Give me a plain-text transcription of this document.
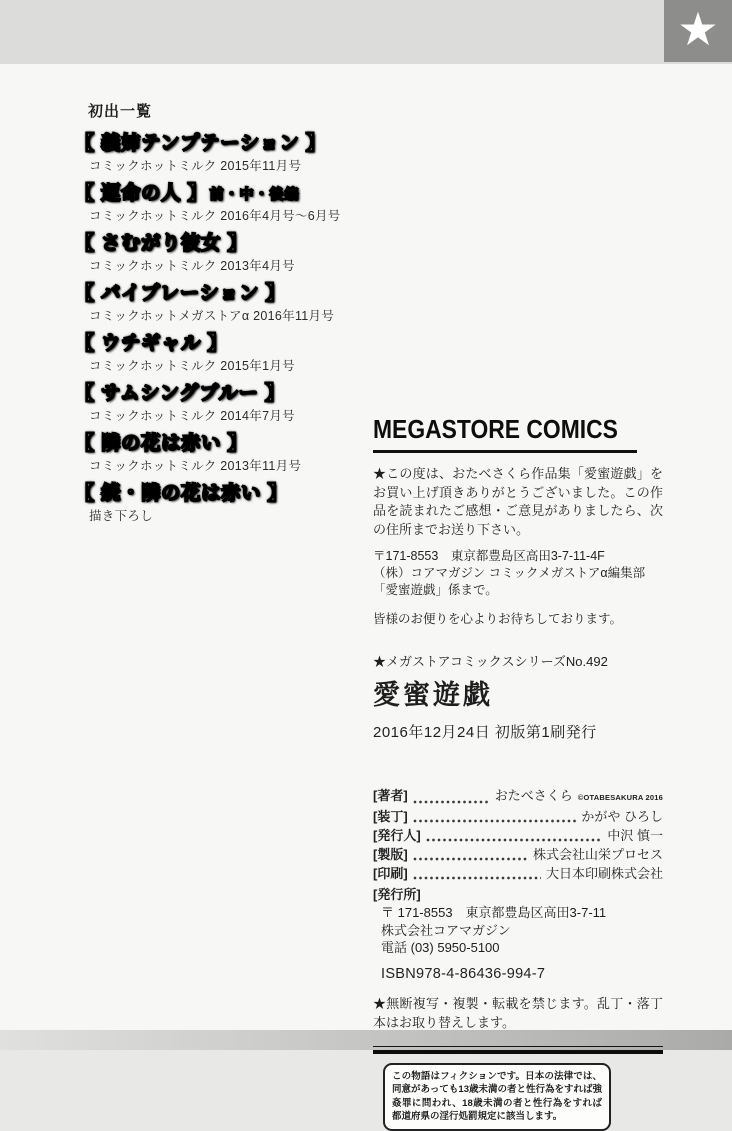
★
初出一覧
【 義姉テンプテーション 】
コミックホットミルク 2015年11月号
【 運命の人 】 前・中・後編
コミックホットミルク 2016年4月号～6月号
【 さむがり彼女 】
コミックホットミルク 2013年4月号
【 バイブレーション 】
コミックホットメガストアα 2016年11月号
【 ウチギャル 】
コミックホットミルク 2015年1月号
【 サムシングブルー 】
コミックホットミルク 2014年7月号
【 隣の花は赤い 】
コミックホットミルク 2013年11月号
【 続・隣の花は赤い 】
描き下ろし
MEGASTORE COMICS
★この度は、おたべさくら作品集「愛蜜遊戯」をお買い上げ頂きありがとうございました。この作品を読まれたご感想・ご意見がありましたら、次の住所までお送り下さい。
〒171-8553　東京都豊島区高田3-7-11-4F
（株）コアマガジン コミックメガストアα編集部
「愛蜜遊戯」係まで。
皆様のお便りを心よりお待ちしております。
★メガストアコミックスシリーズNo.492
愛蜜遊戯
2016年12月24日 初版第1刷発行
[著者]	おたべさくら ©OTABESAKURA 2016
[装丁]	かがや ひろし
[発行人]	中沢 慎一
[製版]	株式会社山栄プロセス
[印刷]	大日本印刷株式会社
[発行所]
〒 171-8553　東京都豊島区高田3-7-11
株式会社コアマガジン
電話 (03) 5950-5100
ISBN978-4-86436-994-7
★無断複写・複製・転載を禁じます。乱丁・落丁本はお取り替えします。
この物語はフィクションです。日本の法律では、同意があっても13歳未満の者と性行為をすれば強姦罪に問われ、18歳未満の者と性行為をすれば都道府県の淫行処罰規定に該当します。
